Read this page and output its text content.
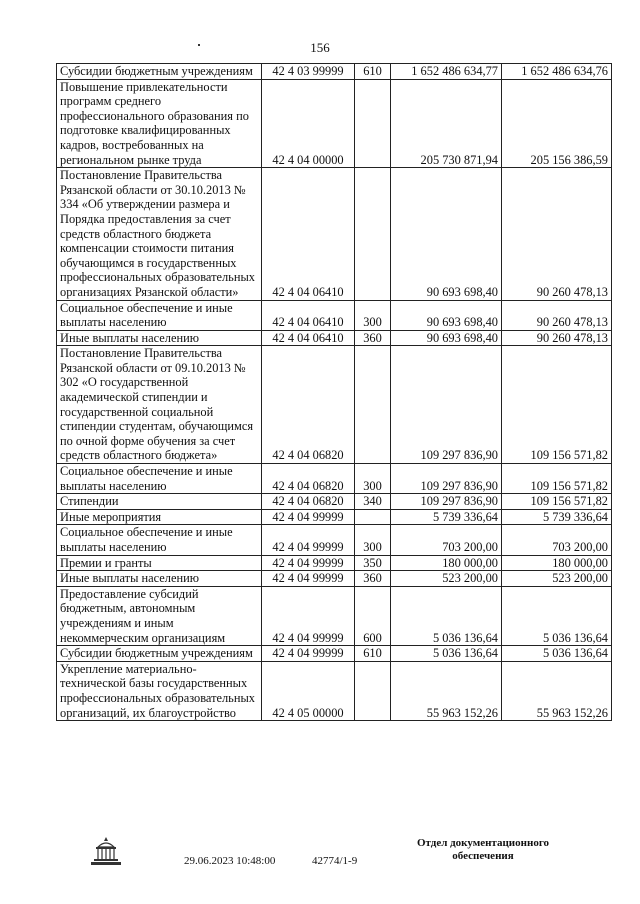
156
Субсидии бюджетным учреждениям	42 4 03 99999	610	1 652 486 634,77	1 652 486 634,76
Повышение привлекательности программ среднего профессионального образования по подготовке квалифицированных кадров, востребованных на региональном рынке труда	42 4 04 00000		205 730 871,94	205 156 386,59
Постановление Правительства Рязанской области от 30.10.2013 № 334 «Об утверждении размера и Порядка предоставления за счет средств областного бюджета компенсации стоимости питания обучающимся в государственных профессиональных образовательных организациях Рязанской области»	42 4 04 06410		90 693 698,40	90 260 478,13
Социальное обеспечение и иные выплаты населению	42 4 04 06410	300	90 693 698,40	90 260 478,13
Иные выплаты населению	42 4 04 06410	360	90 693 698,40	90 260 478,13
Постановление Правительства Рязанской области от 09.10.2013 № 302 «О государственной академической стипендии и государственной социальной стипендии студентам, обучающимся по очной форме обучения за счет средств областного бюджета»	42 4 04 06820		109 297 836,90	109 156 571,82
Социальное обеспечение и иные выплаты населению	42 4 04 06820	300	109 297 836,90	109 156 571,82
Стипендии	42 4 04 06820	340	109 297 836,90	109 156 571,82
Иные мероприятия	42 4 04 99999		5 739 336,64	5 739 336,64
Социальное обеспечение и иные выплаты населению	42 4 04 99999	300	703 200,00	703 200,00
Премии и гранты	42 4 04 99999	350	180 000,00	180 000,00
Иные выплаты населению	42 4 04 99999	360	523 200,00	523 200,00
Предоставление субсидий бюджетным, автономным учреждениям и иным некоммерческим организациям	42 4 04 99999	600	5 036 136,64	5 036 136,64
Субсидии бюджетным учреждениям	42 4 04 99999	610	5 036 136,64	5 036 136,64
Укрепление материально-технической базы государственных профессиональных образовательных организаций, их благоустройство	42 4 05 00000		55 963 152,26	55 963 152,26
29.06.2023 10:48:00	42774/1-9
Отдел документационного обеспечения
